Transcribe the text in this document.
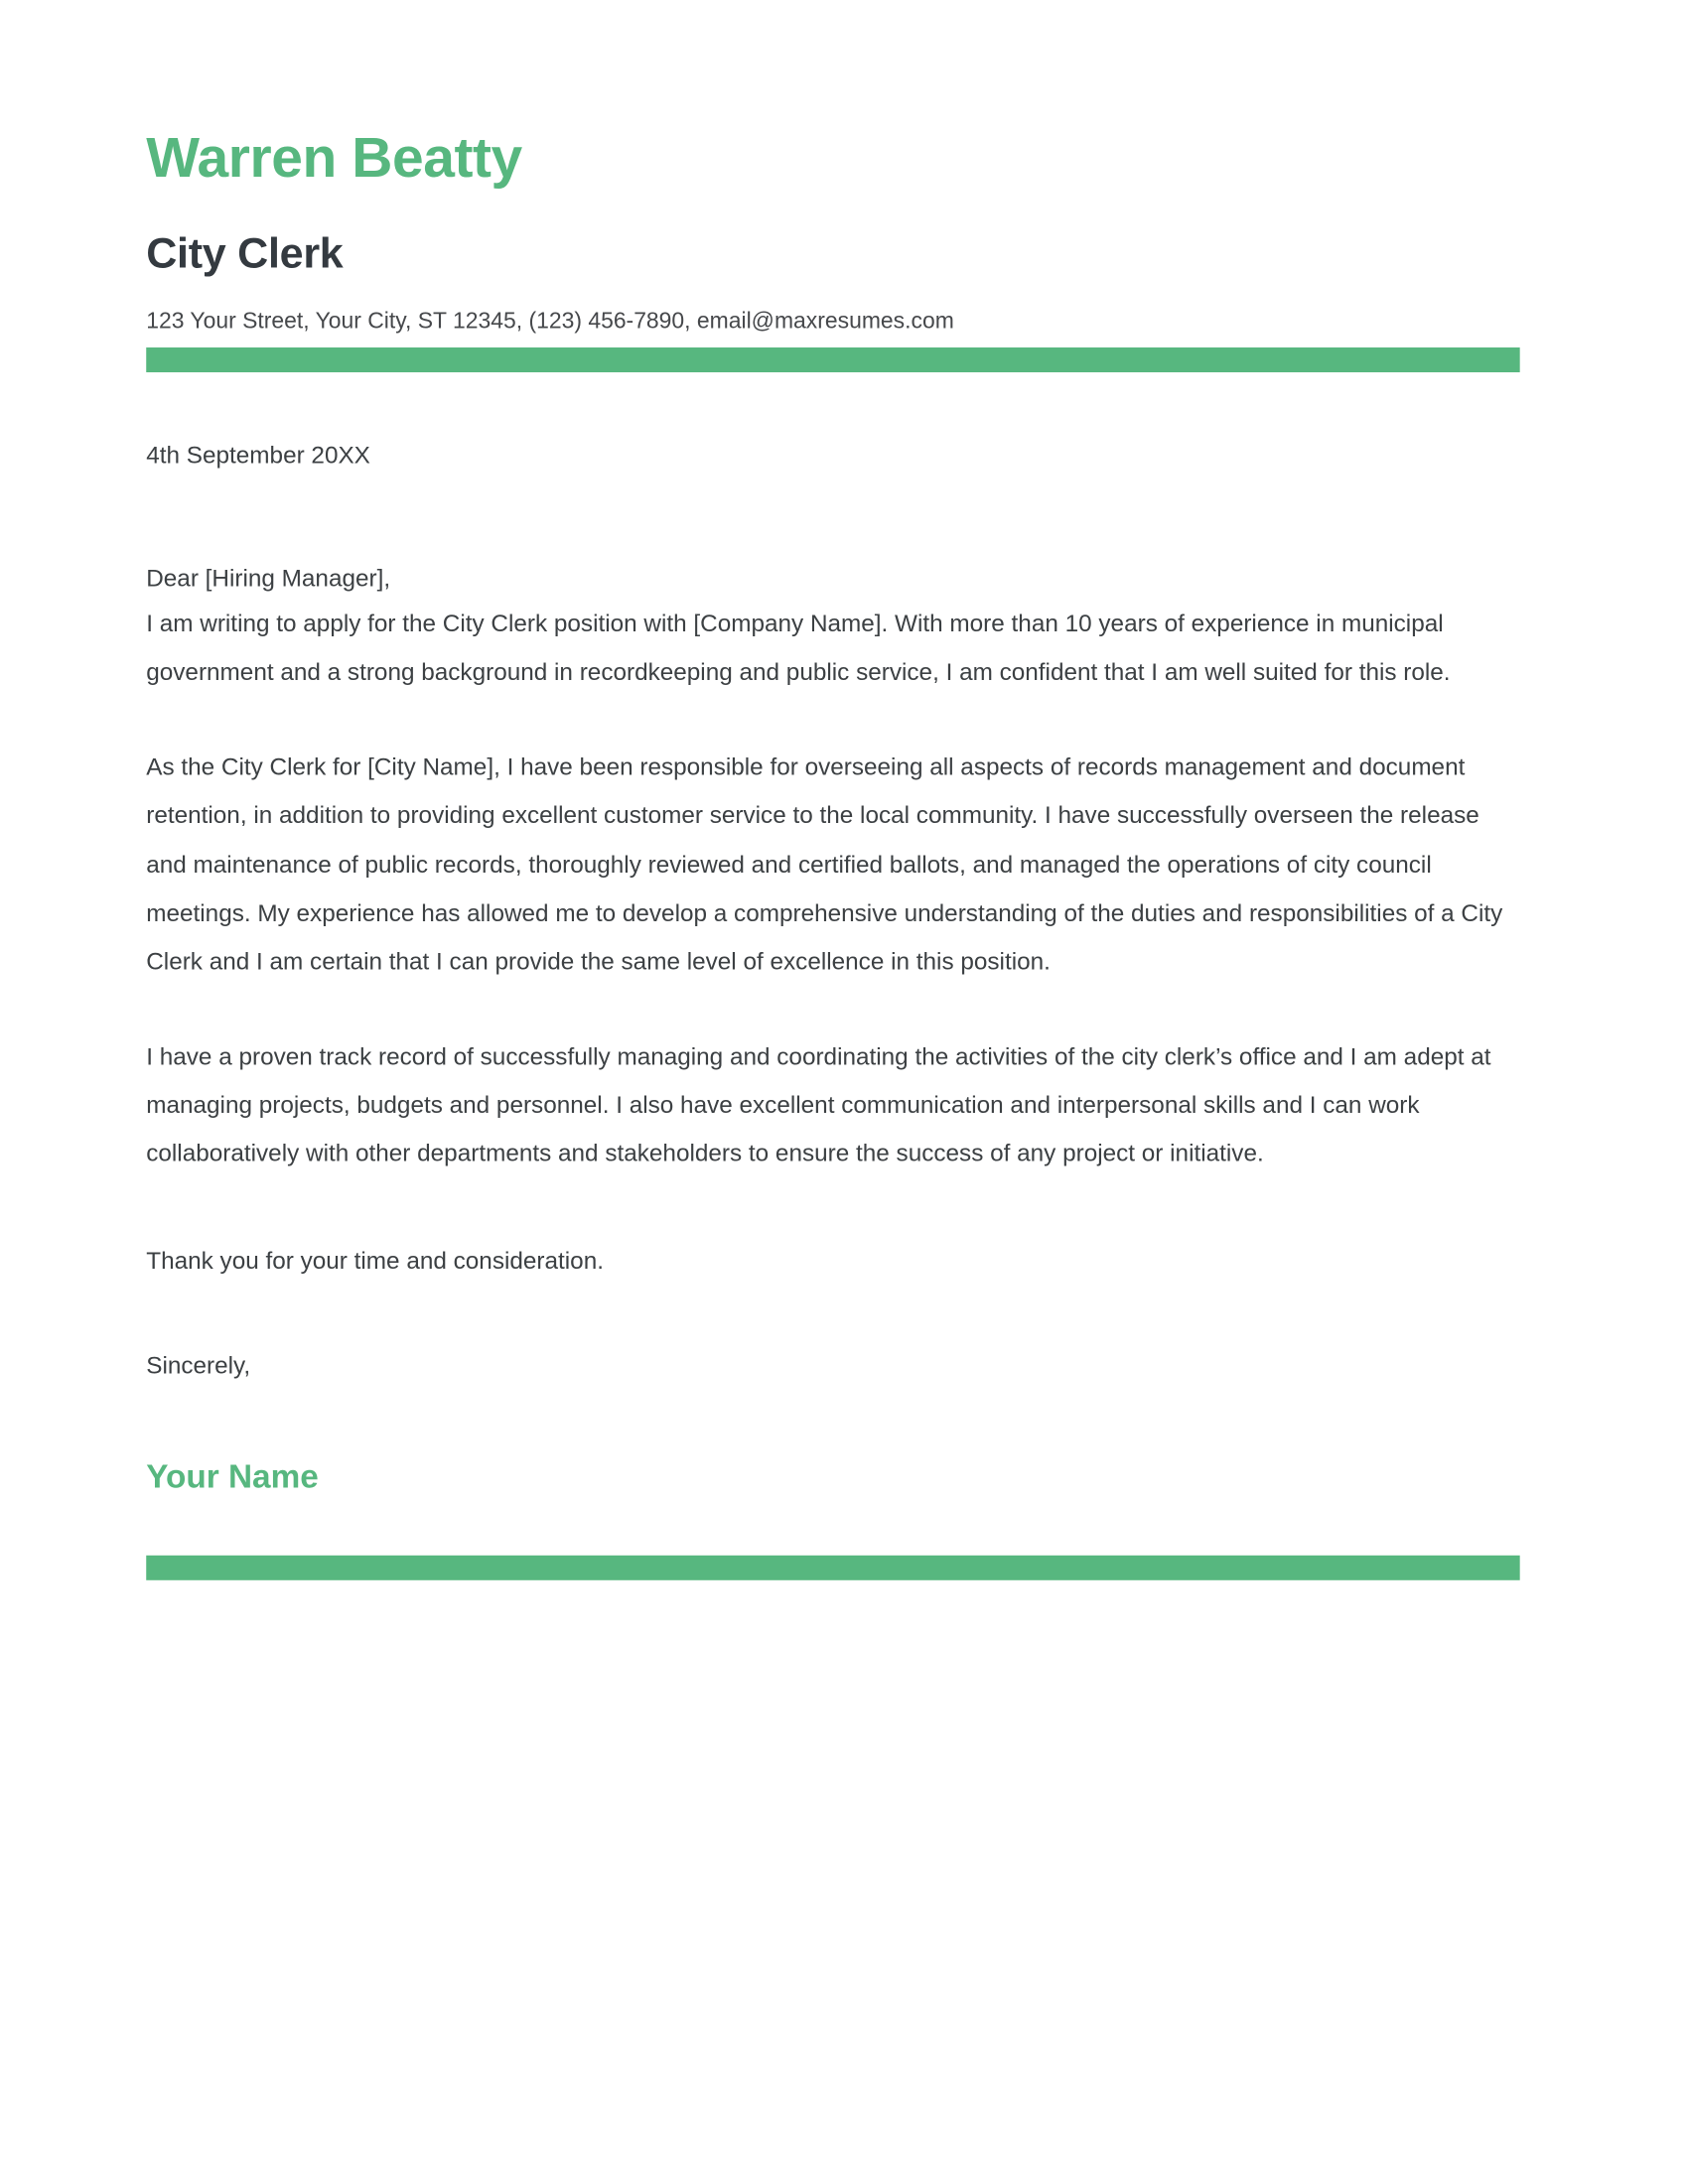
Warren Beatty
City Clerk

123 Your Street, Your City, ST 12345, (123) 456-7890, email@maxresumes.com

4th September 20XX

Dear [Hiring Manager],

I am writing to apply for the City Clerk position with [Company Name]. With more than 10 years of experience in municipal government and a strong background in recordkeeping and public service, I am confident that I am well suited for this role.

As the City Clerk for [City Name], I have been responsible for overseeing all aspects of records management and document retention, in addition to providing excellent customer service to the local community. I have successfully overseen the release and maintenance of public records, thoroughly reviewed and certified ballots, and managed the operations of city council meetings. My experience has allowed me to develop a comprehensive understanding of the duties and responsibilities of a City Clerk and I am certain that I can provide the same level of excellence in this position.

I have a proven track record of successfully managing and coordinating the activities of the city clerk’s office and I am adept at managing projects, budgets and personnel. I also have excellent communication and interpersonal skills and I can work collaboratively with other departments and stakeholders to ensure the success of any project or initiative.

Thank you for your time and consideration.

Sincerely,

Your Name
